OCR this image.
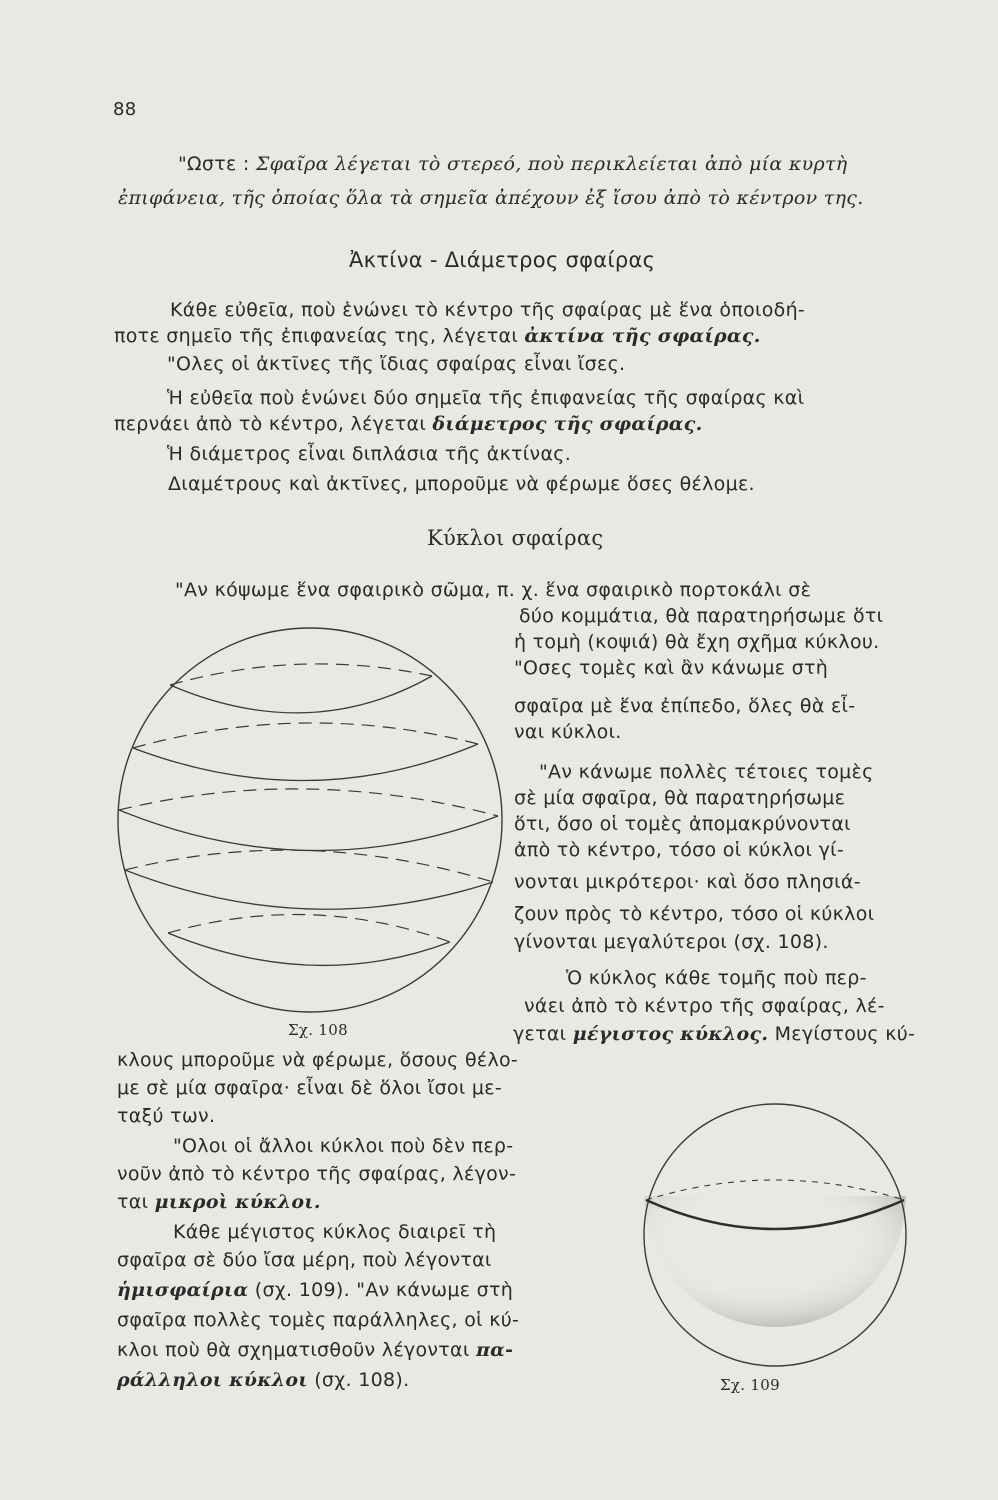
88
"Ωστε : Σφαῖρα λέγεται τὸ στερεό, ποὺ περικλείεται ἀπὸ μία κυρτὴ
ἐπιφάνεια, τῆς ὁποίας ὅλα τὰ σημεῖα ἀπέχουν ἐξ ἴσου ἀπὸ τὸ κέντρον της.
Ἀκτίνα - Διάμετρος σφαίρας
Κάθε εὐθεῖα, ποὺ ἑνώνει τὸ κέντρο τῆς σφαίρας μὲ ἕνα ὁποιοδή-
ποτε σημεῖο τῆς ἐπιφανείας της, λέγεται ἀκτίνα τῆς σφαίρας.
"Ολες οἱ ἀκτῖνες τῆς ἴδιας σφαίρας εἶναι ἴσες.
Ἡ εὐθεῖα ποὺ ἑνώνει δύο σημεῖα τῆς ἐπιφανείας τῆς σφαίρας καὶ
περνάει ἀπὸ τὸ κέντρο, λέγεται διάμετρος τῆς σφαίρας.
Ἡ διάμετρος εἶναι διπλάσια τῆς ἀκτίνας.
Διαμέτρους καὶ ἀκτῖνες, μποροῦμε νὰ φέρωμε ὅσες θέλομε.
Κύκλοι σφαίρας
"Αν κόψωμε ἕνα σφαιρικὸ σῶμα, π. χ. ἕνα σφαιρικὸ πορτοκάλι σὲ
δύο κομμάτια, θὰ παρατηρήσωμε ὅτι
ἡ τομὴ (κοψιά) θὰ ἔχη σχῆμα κύκλου.
"Οσες τομὲς καὶ ἂν κάνωμε στὴ
σφαῖρα μὲ ἕνα ἐπίπεδο, ὅλες θὰ εἶ-
ναι κύκλοι.
"Αν κάνωμε πολλὲς τέτοιες τομὲς
σὲ μία σφαῖρα, θὰ παρατηρήσωμε
ὅτι, ὅσο οἱ τομὲς ἀπομακρύνονται
ἀπὸ τὸ κέντρο, τόσο οἱ κύκλοι γί-
νονται μικρότεροι· καὶ ὅσο πλησιά-
ζουν πρὸς τὸ κέντρο, τόσο οἱ κύκλοι
γίνονται μεγαλύτεροι (σχ. 108).
Ὁ κύκλος κάθε τομῆς ποὺ περ-
νάει ἀπὸ τὸ κέντρο τῆς σφαίρας, λέ-
γεται μέγιστος κύκλος. Μεγίστους κύ-
Σχ. 108
κλους μποροῦμε νὰ φέρωμε, ὅσους θέλο-
με σὲ μία σφαῖρα· εἶναι δὲ ὅλοι ἴσοι με-
ταξύ των.
"Ολοι οἱ ἄλλοι κύκλοι ποὺ δὲν περ-
νοῦν ἀπὸ τὸ κέντρο τῆς σφαίρας, λέγον-
ται μικροὶ κύκλοι.
Κάθε μέγιστος κύκλος διαιρεῖ τὴ
σφαῖρα σὲ δύο ἴσα μέρη, ποὺ λέγονται
ἡμισφαίρια (σχ. 109). "Αν κάνωμε στὴ
σφαῖρα πολλὲς τομὲς παράλληλες, οἱ κύ-
κλοι ποὺ θὰ σχηματισθοῦν λέγονται πα-
ράλληλοι κύκλοι (σχ. 108).	Σχ. 109
